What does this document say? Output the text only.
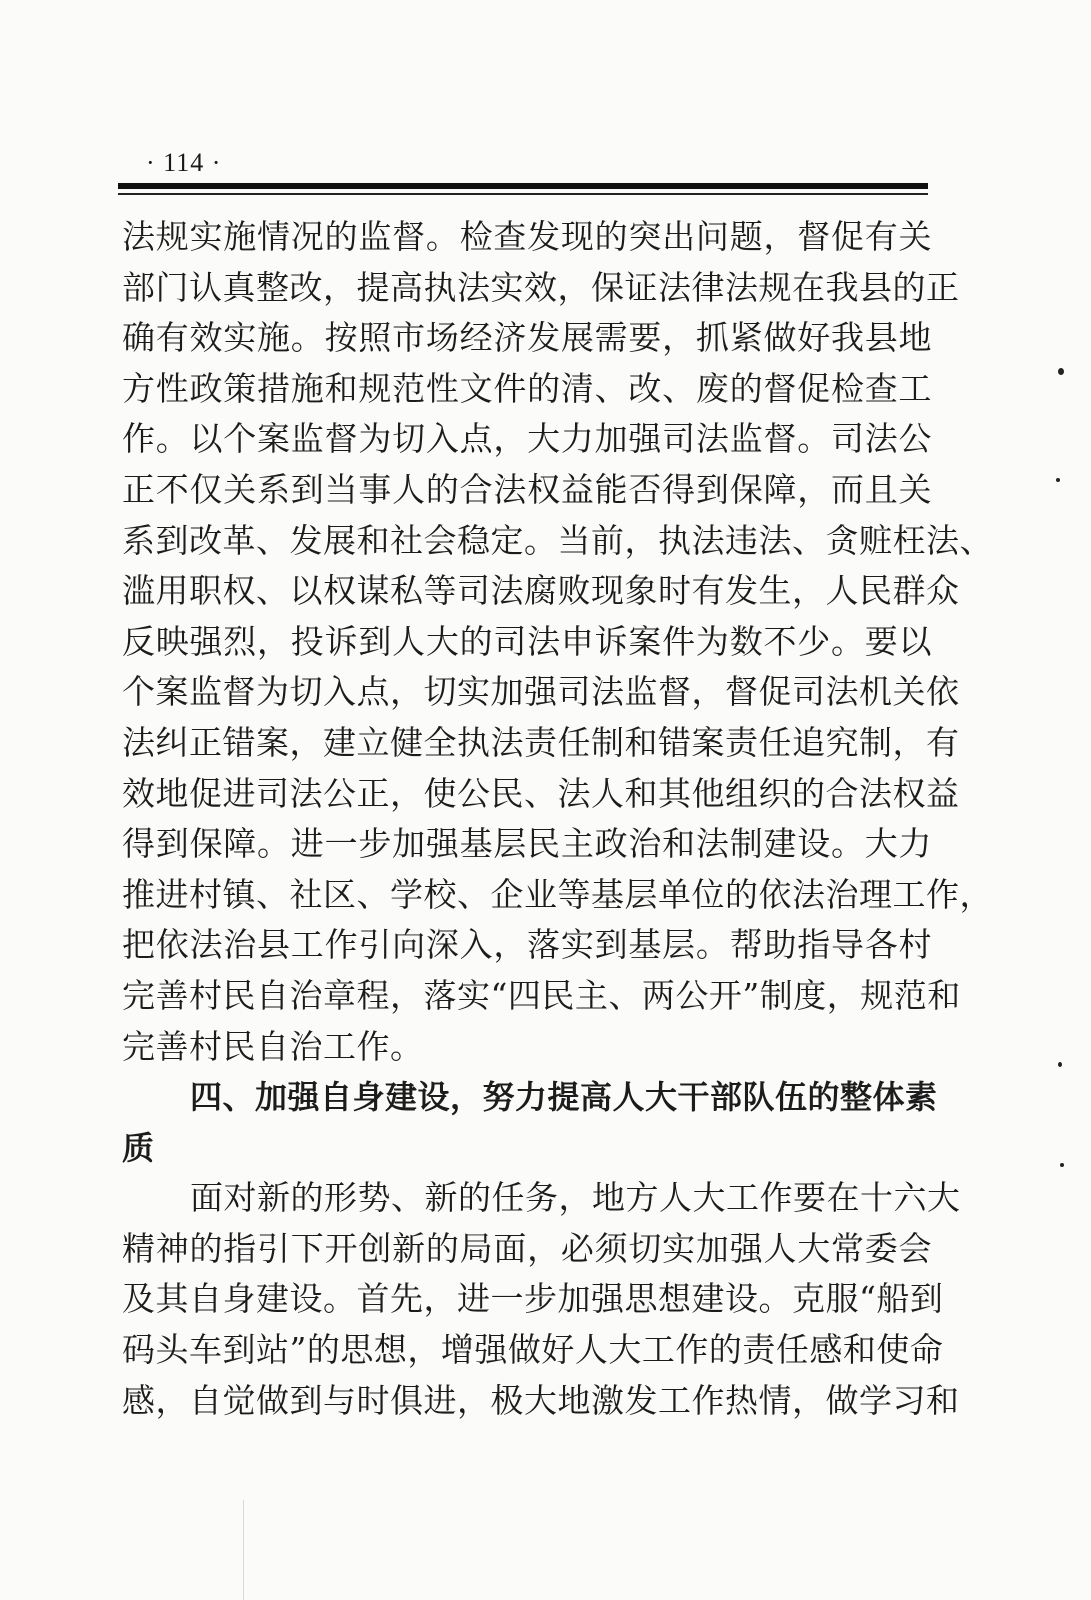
· 114 ·
法规实施情况的监督。检查发现的突出问题，督促有关
部门认真整改，提高执法实效，保证法律法规在我县的正
确有效实施。按照市场经济发展需要，抓紧做好我县地
方性政策措施和规范性文件的清、改、废的督促检查工
作。以个案监督为切入点，大力加强司法监督。司法公
正不仅关系到当事人的合法权益能否得到保障，而且关
系到改革、发展和社会稳定。当前，执法违法、贪赃枉法、
滥用职权、以权谋私等司法腐败现象时有发生，人民群众
反映强烈，投诉到人大的司法申诉案件为数不少。要以
个案监督为切入点，切实加强司法监督，督促司法机关依
法纠正错案，建立健全执法责任制和错案责任追究制，有
效地促进司法公正，使公民、法人和其他组织的合法权益
得到保障。进一步加强基层民主政治和法制建设。大力
推进村镇、社区、学校、企业等基层单位的依法治理工作，
把依法治县工作引向深入，落实到基层。帮助指导各村
完善村民自治章程，落实“四民主、两公开”制度，规范和
完善村民自治工作。
四、加强自身建设，努力提高人大干部队伍的整体素
质
面对新的形势、新的任务，地方人大工作要在十六大
精神的指引下开创新的局面，必须切实加强人大常委会
及其自身建设。首先，进一步加强思想建设。克服“船到
码头车到站”的思想，增强做好人大工作的责任感和使命
感，自觉做到与时俱进，极大地激发工作热情，做学习和
